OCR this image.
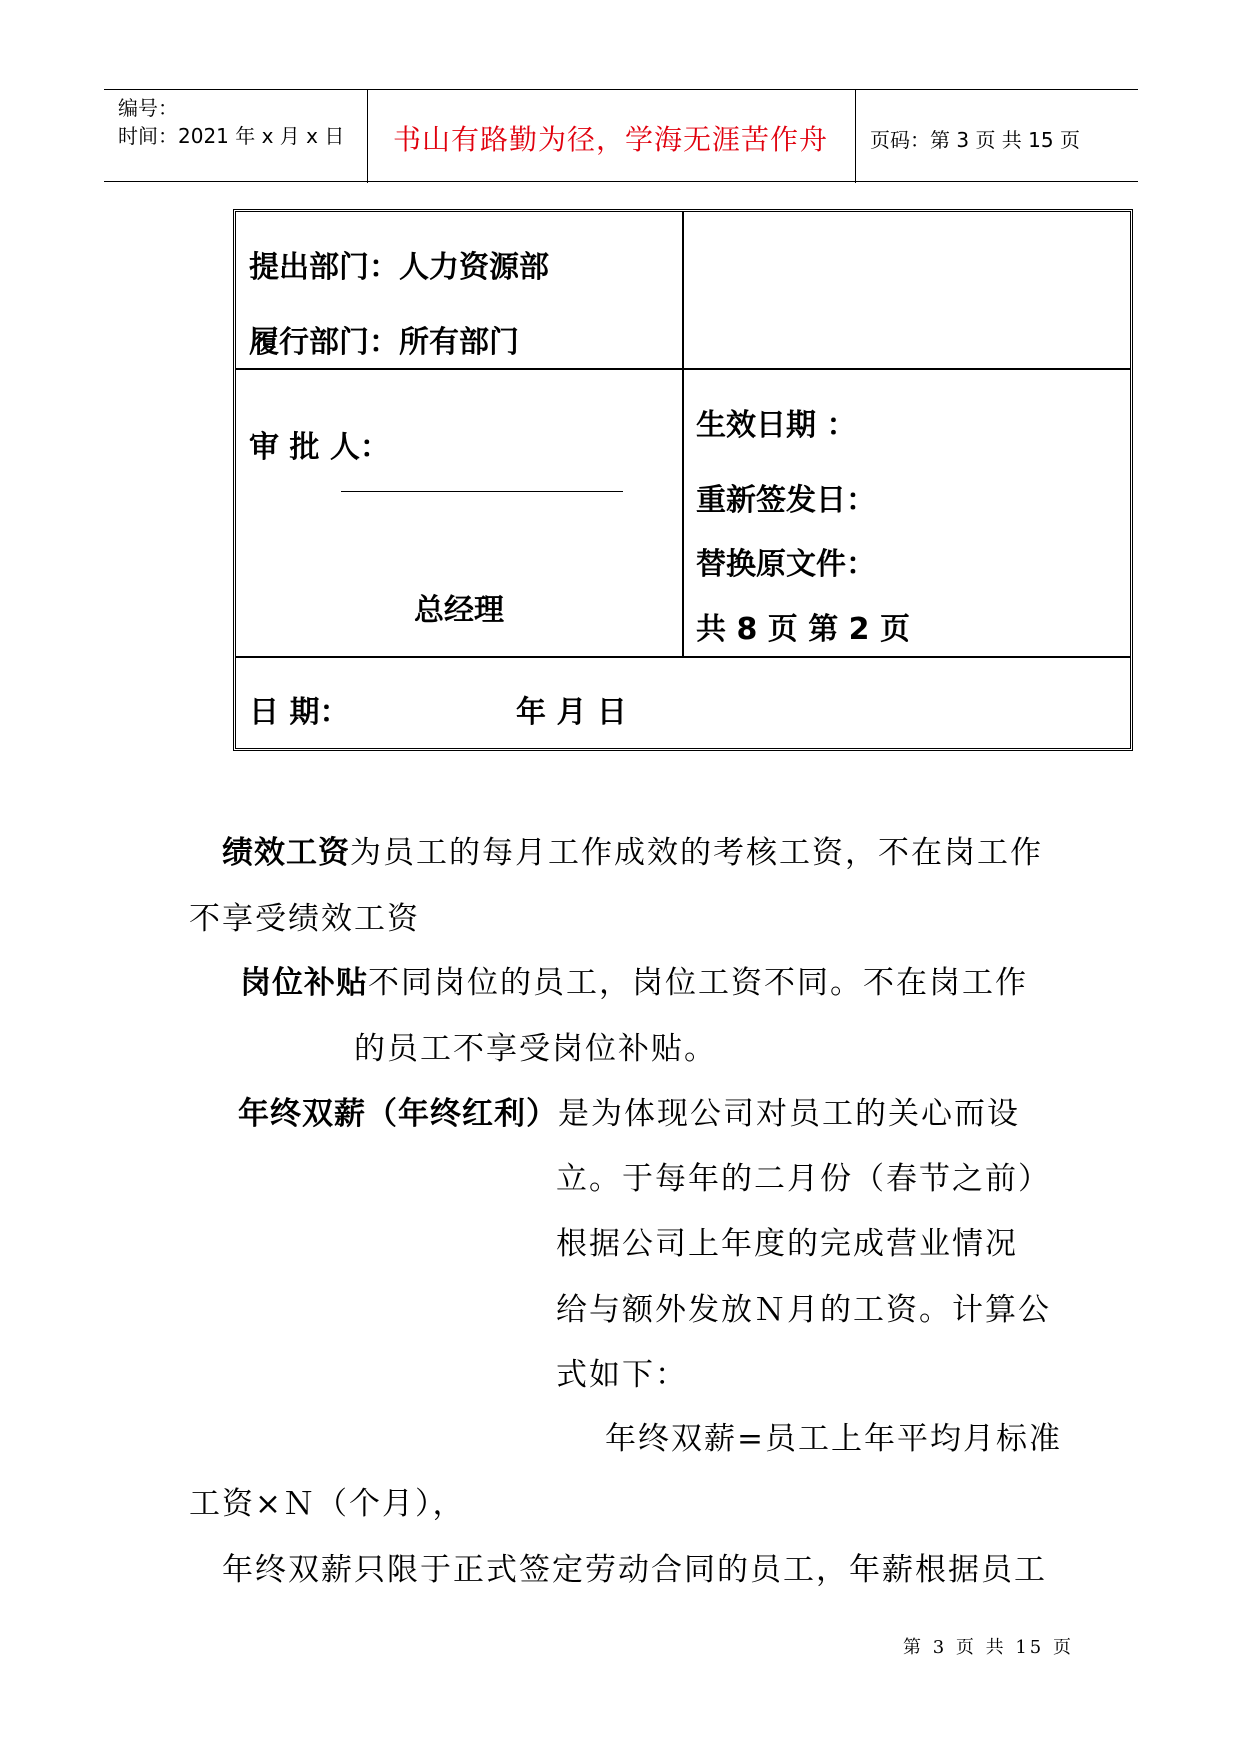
编号：
时间：2021 年 x 月 x 日 书山有路勤为径，学海无涯苦作舟 页码：第 3 页 共 15 页
提出部门：人力资源部
履行部门：所有部门
审 批 人：
总经理
生效日期 ：
重新签发日：
替换原文件：
共 8 页 第 2 页
日 期：	年 月 日
绩效工资为员工的每月工作成效的考核工资，不在岗工作
不享受绩效工资
岗位补贴不同岗位的员工，岗位工资不同。不在岗工作
的员工不享受岗位补贴。
年终双薪（年终红利）是为体现公司对员工的关心而设
立。于每年的二月份（春节之前）
根据公司上年度的完成营业情况
给与额外发放Ｎ月的工资。计算公
式如下：
年终双薪=员工上年平均月标准
工资×Ｎ（个月），
年终双薪只限于正式签定劳动合同的员工，年薪根据员工
第 3 页 共 15 页
